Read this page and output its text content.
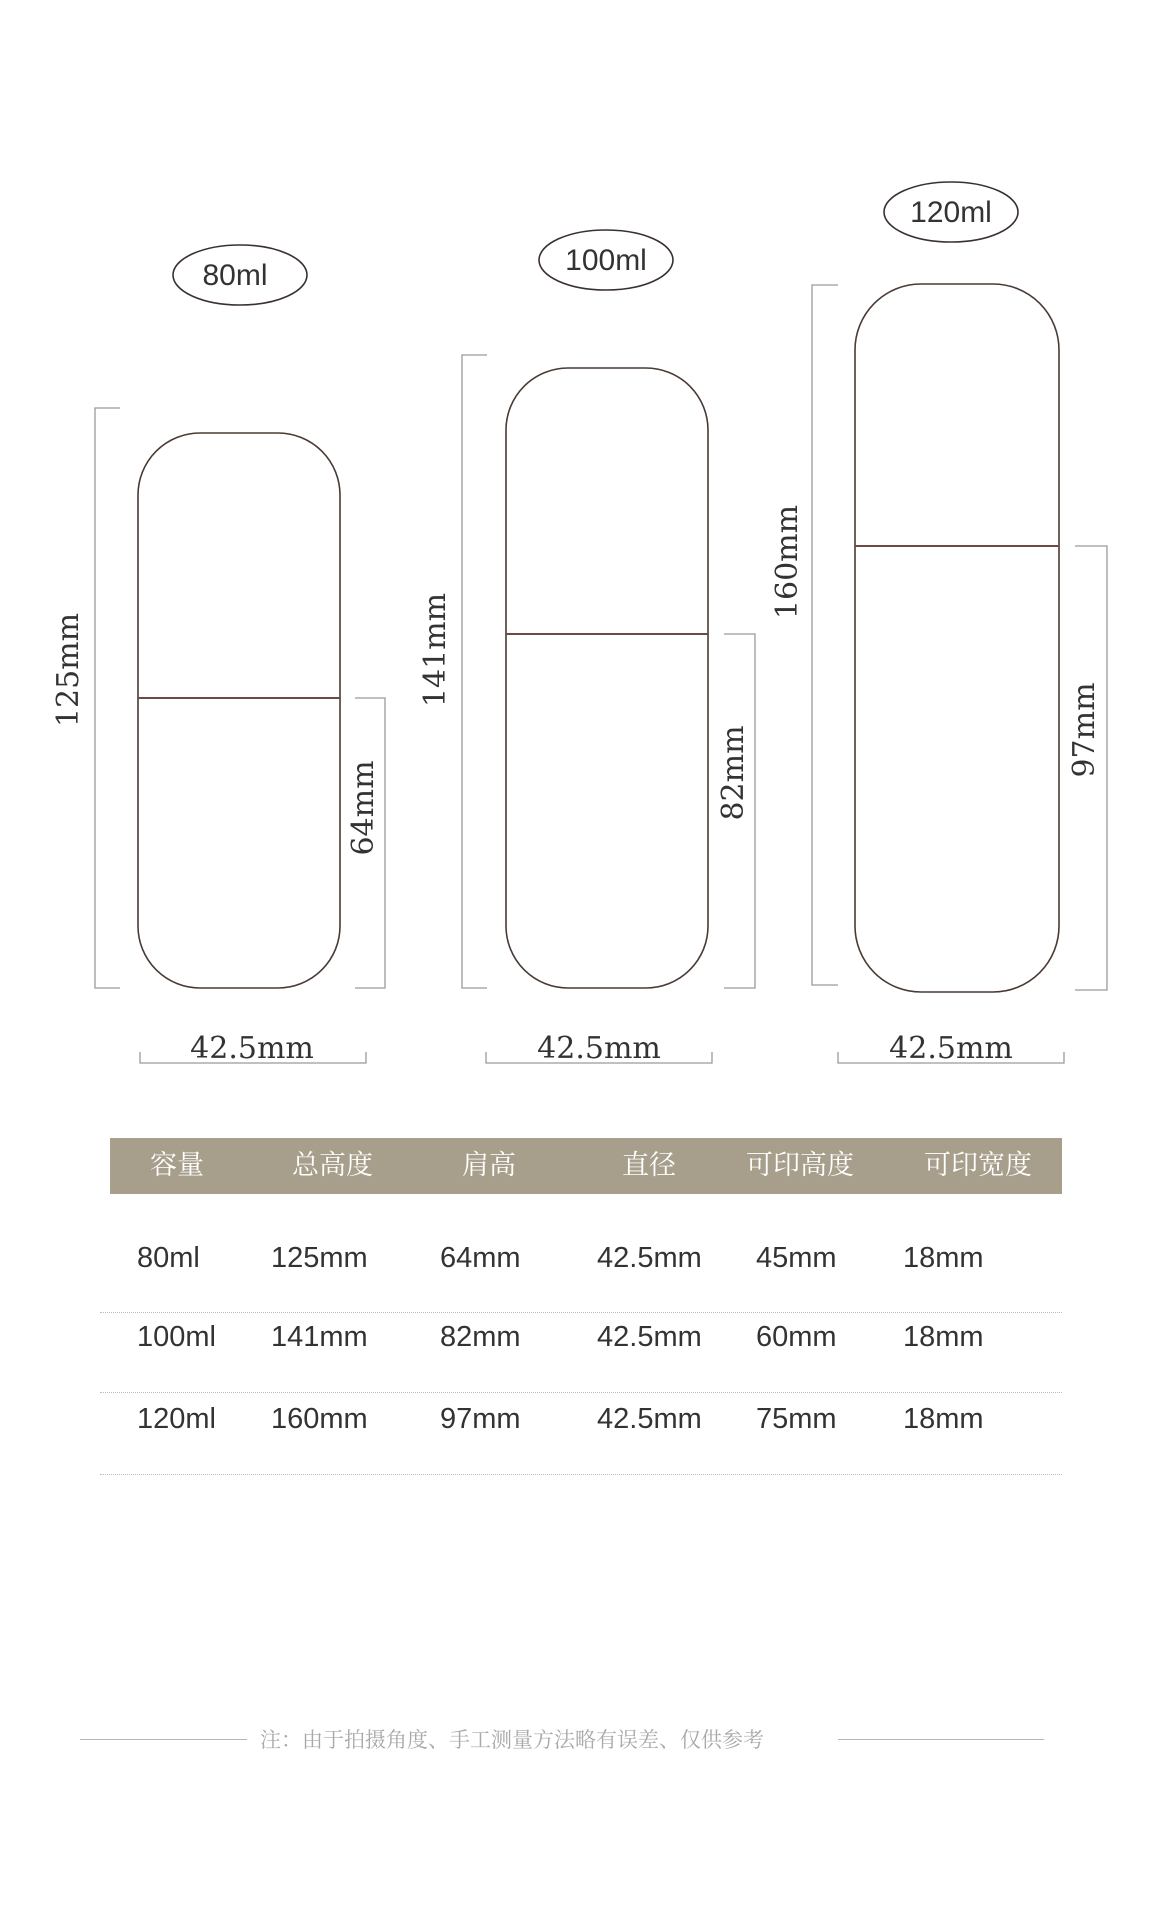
80ml
125mm
64mm
42.5mm
100ml
141mm
82mm
42.5mm
120ml
160mm
97mm
42.5mm
容量	总高度	肩高	直径	可印高度	可印宽度
80ml 125mm 64mm	42.5mm 45mm 18mm
100ml 141mm 82mm	42.5mm 60mm 18mm
120ml 160mm 97mm	42.5mm 75mm 18mm
注：由于拍摄角度、手工测量方法略有误差、仅供参考
